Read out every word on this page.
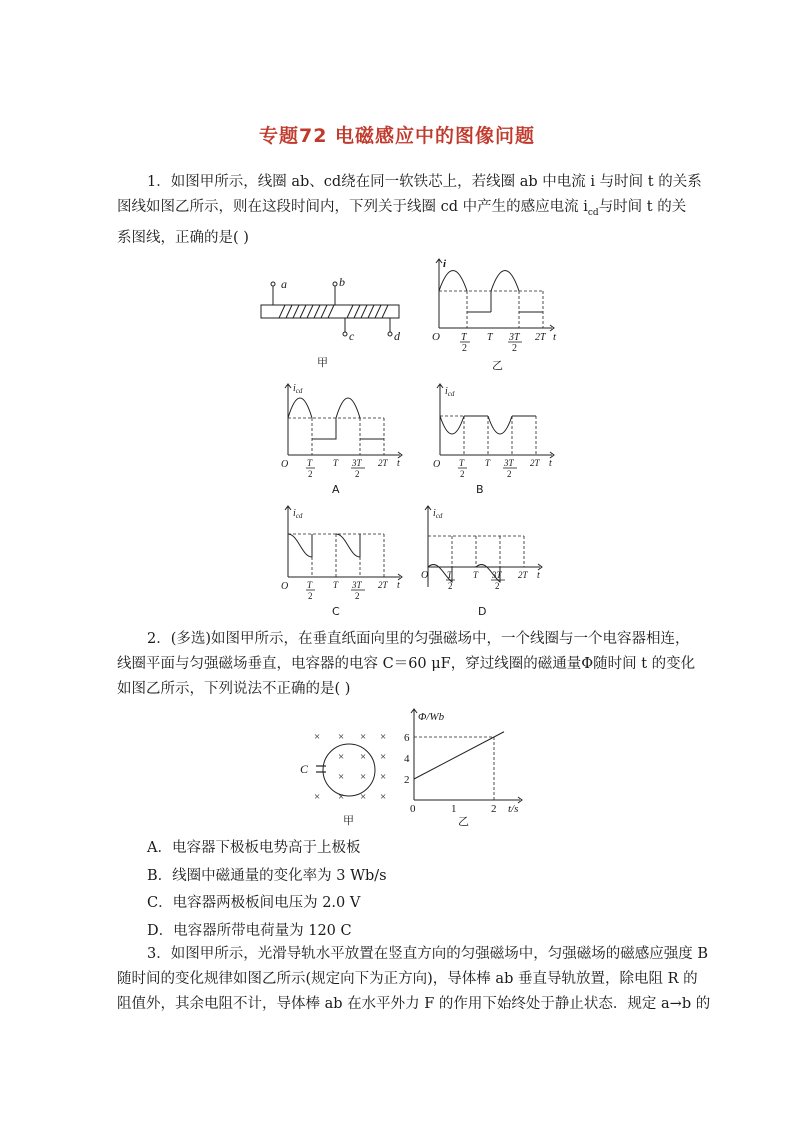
专题72 电磁感应中的图像问题
1．如图甲所示，线圈 ab、cd绕在同一软铁芯上，若线圈 ab 中电流 i 与时间 t 的关系
图线如图乙所示，则在这段时间内，下列关于线圈 cd 中产生的感应电流 $i_{cd}$与时间 t 的关
系图线，正确的是( )
a	b
c	d
甲
i
O T
2
T 3T
2
2T t
乙
$i_{cd}$
O T
2
T 3T
2
2T t
A
$i_{cd}$
O T
2
T 3T
2
2T t
B
$i_{cd}$
O T
2
T 3T
2
2T t
C
$i_{cd}$
O T
2
T 3T
2
2T t
D
2．(多选)如图甲所示，在垂直纸面向里的匀强磁场中，一个线圈与一个电容器相连，
线圈平面与匀强磁场垂直，电容器的电容 C＝60 μF，穿过线圈的磁通量Φ随时间 t 的变化
如图乙所示，下列说法不正确的是( )
× × × ×
× × ×
× × ×
× × × ×
C
甲
Φ/Wb
2
4
6
0	1	2 t/s
乙
A．电容器下极板电势高于上极板
B．线圈中磁通量的变化率为 3 Wb/s
C．电容器两极板间电压为 2.0 V
D．电容器所带电荷量为 120 C
3．如图甲所示，光滑导轨水平放置在竖直方向的匀强磁场中，匀强磁场的磁感应强度 B
随时间的变化规律如图乙所示(规定向下为正方向)，导体棒 ab 垂直导轨放置，除电阻 R 的
阻值外，其余电阻不计，导体棒 ab 在水平外力 F 的作用下始终处于静止状态．规定 a→b 的
